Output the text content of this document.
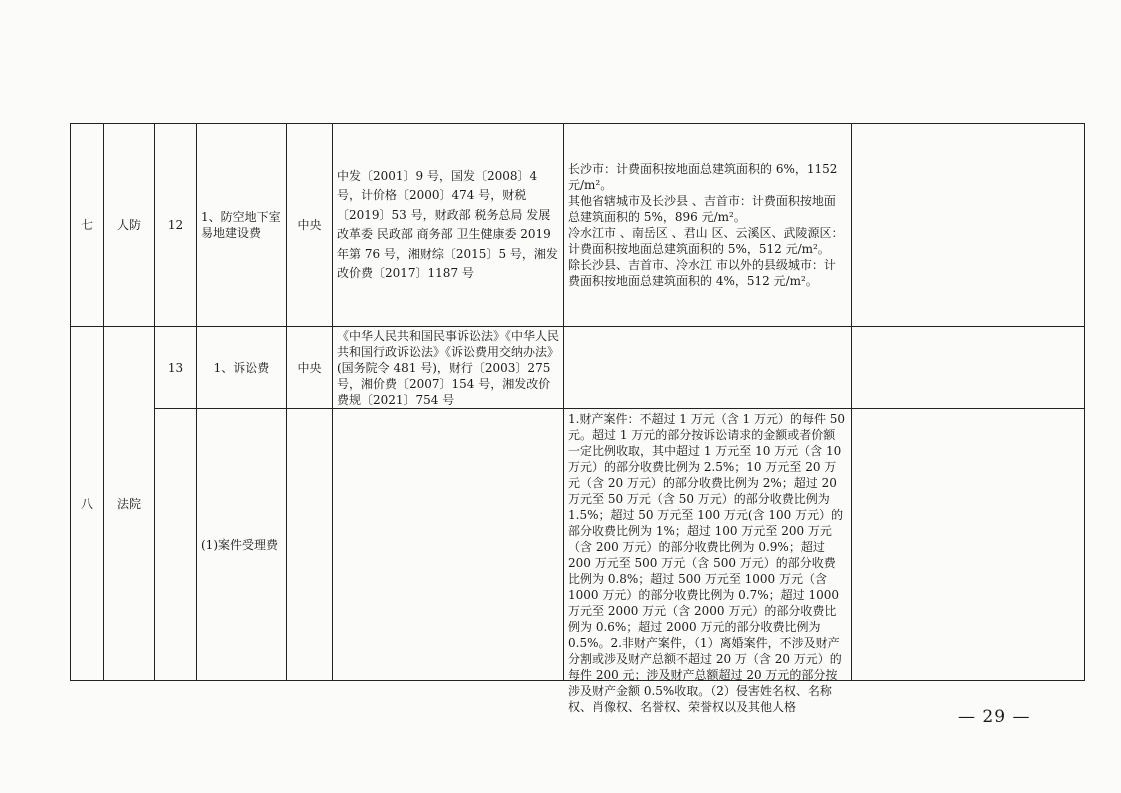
七	人防	12	1、防空地下室易地建设费	中央	中发〔2001〕9 号，国发〔2008〕4 号，计价格〔2000〕474 号，财税〔2019〕53 号，财政部 税务总局 发展改革委 民政部 商务部 卫生健康委 2019 年第 76 号，湘财综〔2015〕5 号，湘发改价费〔2017〕1187 号	长沙市：计费面积按地面总建筑面积的 6%，1152 元/m²。
其他省辖城市及长沙县 、吉首市：计费面积按地面总建筑面积的 5%，896 元/m²。
冷水江市 、南岳区 、君山 区、云溪区、武陵源区：计费面积按地面总建筑面积的 5%，512 元/m²。
除长沙县、吉首市、冷水江 市以外的县级城市：计费面积按地面总建筑面积的 4%，512 元/m²。	

八	法院	13	1、诉讼费	中央	《中华人民共和国民事诉讼法》《中华人民共和国行政诉讼法》《诉讼费用交纳办法》(国务院令 481 号)，财行〔2003〕275 号，湘价费〔2007〕154 号，湘发改价费规〔2021〕754 号		
			(1)案件受理费			1.财产案件：不超过 1 万元（含 1 万元）的每件 50 元。超过 1 万元的部分按诉讼请求的金额或者价额一定比例收取，其中超过 1 万元至 10 万元（含 10 万元）的部分收费比例为 2.5%；10 万元至 20 万元（含 20 万元）的部分收费比例为 2%；超过 20 万元至 50 万元（含 50 万元）的部分收费比例为 1.5%；超过 50 万元至 100 万元(含 100 万元）的部分收费比例为 1%；超过 100 万元至 200 万元（含 200 万元）的部分收费比例为 0.9%；超过 200 万元至 500 万元（含 500 万元）的部分收费比例为 0.8%；超过 500 万元至 1000 万元（含 1000 万元）的部分收费比例为 0.7%；超过 1000 万元至 2000 万元（含 2000 万元）的部分收费比例为 0.6%；超过 2000 万元的部分收费比例为 0.5%。2.非财产案件，（1）离婚案件，不涉及财产分割或涉及财产总额不超过 20 万（含 20 万元）的每件 200 元；涉及财产总额超过 20 万元的部分按涉及财产金额 0.5%收取。（2）侵害姓名权、名称权、肖像权、名誉权、荣誉权以及其他人格	
		— 29 —
